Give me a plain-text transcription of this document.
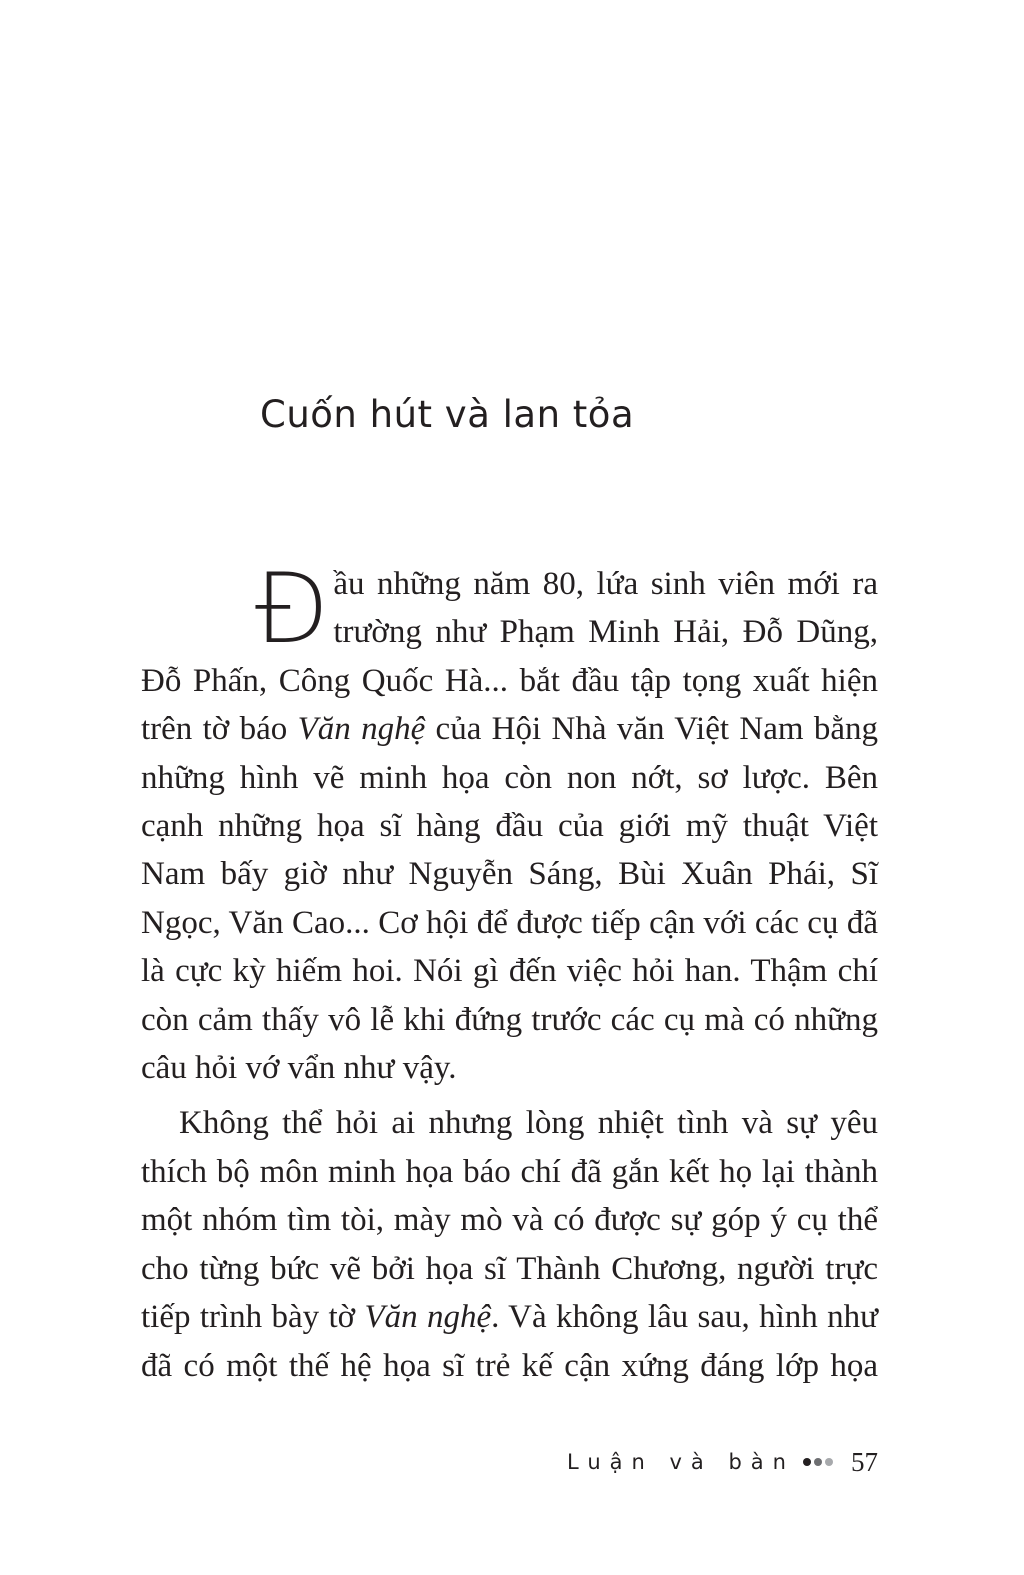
Cuốn hút và lan tỏa

Đ ầu những năm 80, lứa sinh viên mới ra
trường như Phạm Minh Hải, Đỗ Dũng,
Đỗ Phấn, Công Quốc Hà... bắt đầu tập tọng xuất hiện
trên tờ báo Văn nghệ của Hội Nhà văn Việt Nam bằng
những hình vẽ minh họa còn non nớt, sơ lược. Bên
cạnh những họa sĩ hàng đầu của giới mỹ thuật Việt
Nam bấy giờ như Nguyễn Sáng, Bùi Xuân Phái, Sĩ
Ngọc, Văn Cao... Cơ hội để được tiếp cận với các cụ đã
là cực kỳ hiếm hoi. Nói gì đến việc hỏi han. Thậm chí
còn cảm thấy vô lễ khi đứng trước các cụ mà có những
câu hỏi vớ vẩn như vậy.

Không thể hỏi ai nhưng lòng nhiệt tình và sự yêu
thích bộ môn minh họa báo chí đã gắn kết họ lại thành
một nhóm tìm tòi, mày mò và có được sự góp ý cụ thể
cho từng bức vẽ bởi họa sĩ Thành Chương, người trực
tiếp trình bày tờ Văn nghệ. Và không lâu sau, hình như
đã có một thế hệ họa sĩ trẻ kế cận xứng đáng lớp họa

Luận và bàn 57
